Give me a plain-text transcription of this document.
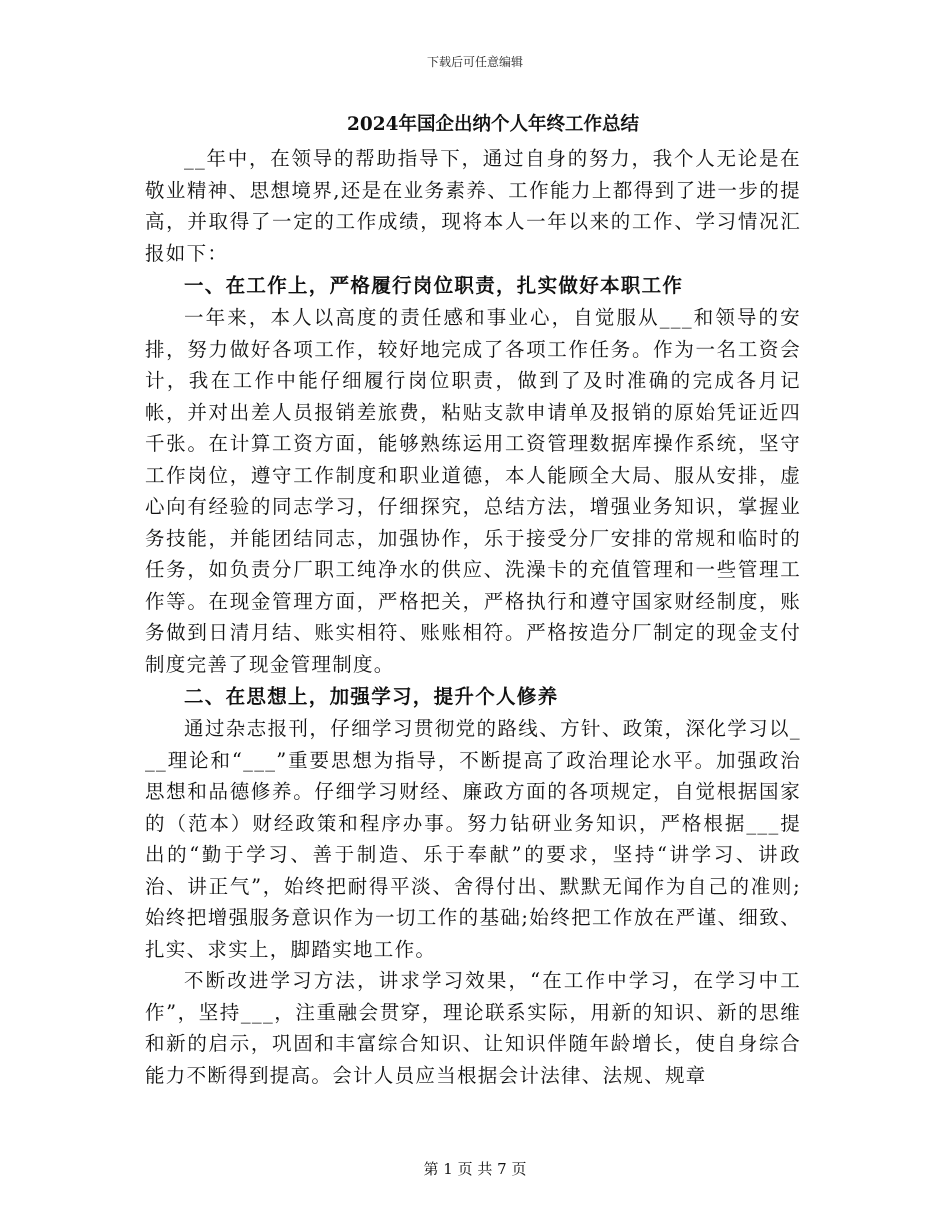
下载后可任意编辑
2024年国企出纳个人年终工作总结

__年中，在领导的帮助指导下，通过自身的努力，我个人无论是在敬业精神、思想境界,还是在业务素养、工作能力上都得到了进一步的提高，并取得了一定的工作成绩，现将本人一年以来的工作、学习情况汇报如下：

一、在工作上，严格履行岗位职责，扎实做好本职工作

一年来，本人以高度的责任感和事业心，自觉服从___和领导的安排，努力做好各项工作，较好地完成了各项工作任务。作为一名工资会计，我在工作中能仔细履行岗位职责，做到了及时准确的完成各月记帐，并对出差人员报销差旅费，粘贴支款申请单及报销的原始凭证近四千张。在计算工资方面，能够熟练运用工资管理数据库操作系统，坚守工作岗位，遵守工作制度和职业道德，本人能顾全大局、服从安排，虚心向有经验的同志学习，仔细探究，总结方法，增强业务知识，掌握业务技能，并能团结同志，加强协作，乐于接受分厂安排的常规和临时的任务，如负责分厂职工纯净水的供应、洗澡卡的充值管理和一些管理工作等。在现金管理方面，严格把关，严格执行和遵守国家财经制度，账务做到日清月结、账实相符、账账相符。严格按造分厂制定的现金支付制度完善了现金管理制度。

二、在思想上，加强学习，提升个人修养

通过杂志报刊，仔细学习贯彻党的路线、方针、政策，深化学习以___理论和“___”重要思想为指导，不断提高了政治理论水平。加强政治思想和品德修养。仔细学习财经、廉政方面的各项规定，自觉根据国家的（范本）财经政策和程序办事。努力钻研业务知识，严格根据___提出的“勤于学习、善于制造、乐于奉献”的要求，坚持“讲学习、讲政治、讲正气”，始终把耐得平淡、舍得付出、默默无闻作为自己的准则;始终把增强服务意识作为一切工作的基础;始终把工作放在严谨、细致、扎实、求实上，脚踏实地工作。

不断改进学习方法，讲求学习效果，“在工作中学习，在学习中工作”，坚持___，注重融会贯穿，理论联系实际，用新的知识、新的思维和新的启示，巩固和丰富综合知识、让知识伴随年龄增长，使自身综合能力不断得到提高。会计人员应当根据会计法律、法规、规章

第 1 页 共 7 页
